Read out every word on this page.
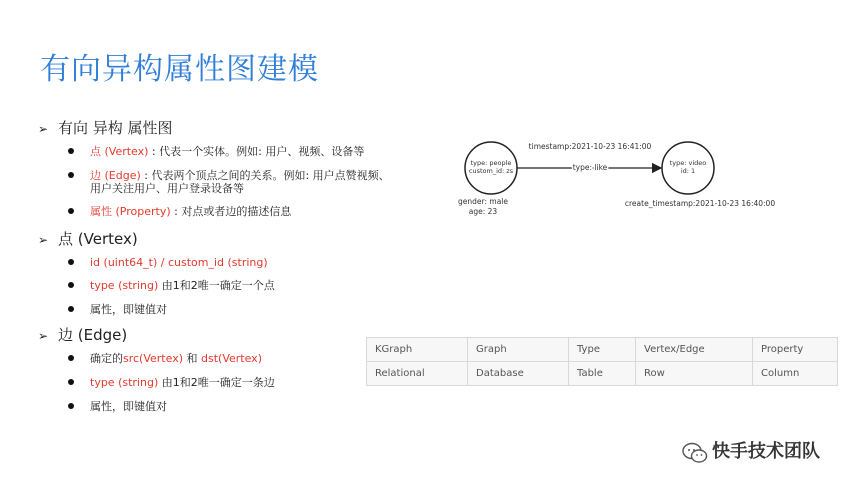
有向异构属性图建模
➢ 有向 异构 属性图
点 (Vertex) : 代表一个实体。例如: 用户、视频、设备等
边 (Edge) : 代表两个顶点之间的关系。例如: 用户点赞视频、
用户关注用户、用户登录设备等
属性 (Property) : 对点或者边的描述信息
➢ 点 (Vertex)
id (uint64_t) / custom_id (string)
type (string) 由1和2唯一确定一个点
属性，即键值对
➢ 边 (Edge)
确定的src(Vertex) 和 dst(Vertex)
type (string) 由1和2唯一确定一条边
属性，即键值对
type: people
custom_id: zs
type: video
id: 1
type: like
timestamp:2021-10-23 16:41:00
gender: male
age: 23
create_timestamp:2021-10-23 16:40:00
KGraph	Graph	Type	Vertex/Edge	Property
Relational	Database	Table	Row	Column
快手技术团队
